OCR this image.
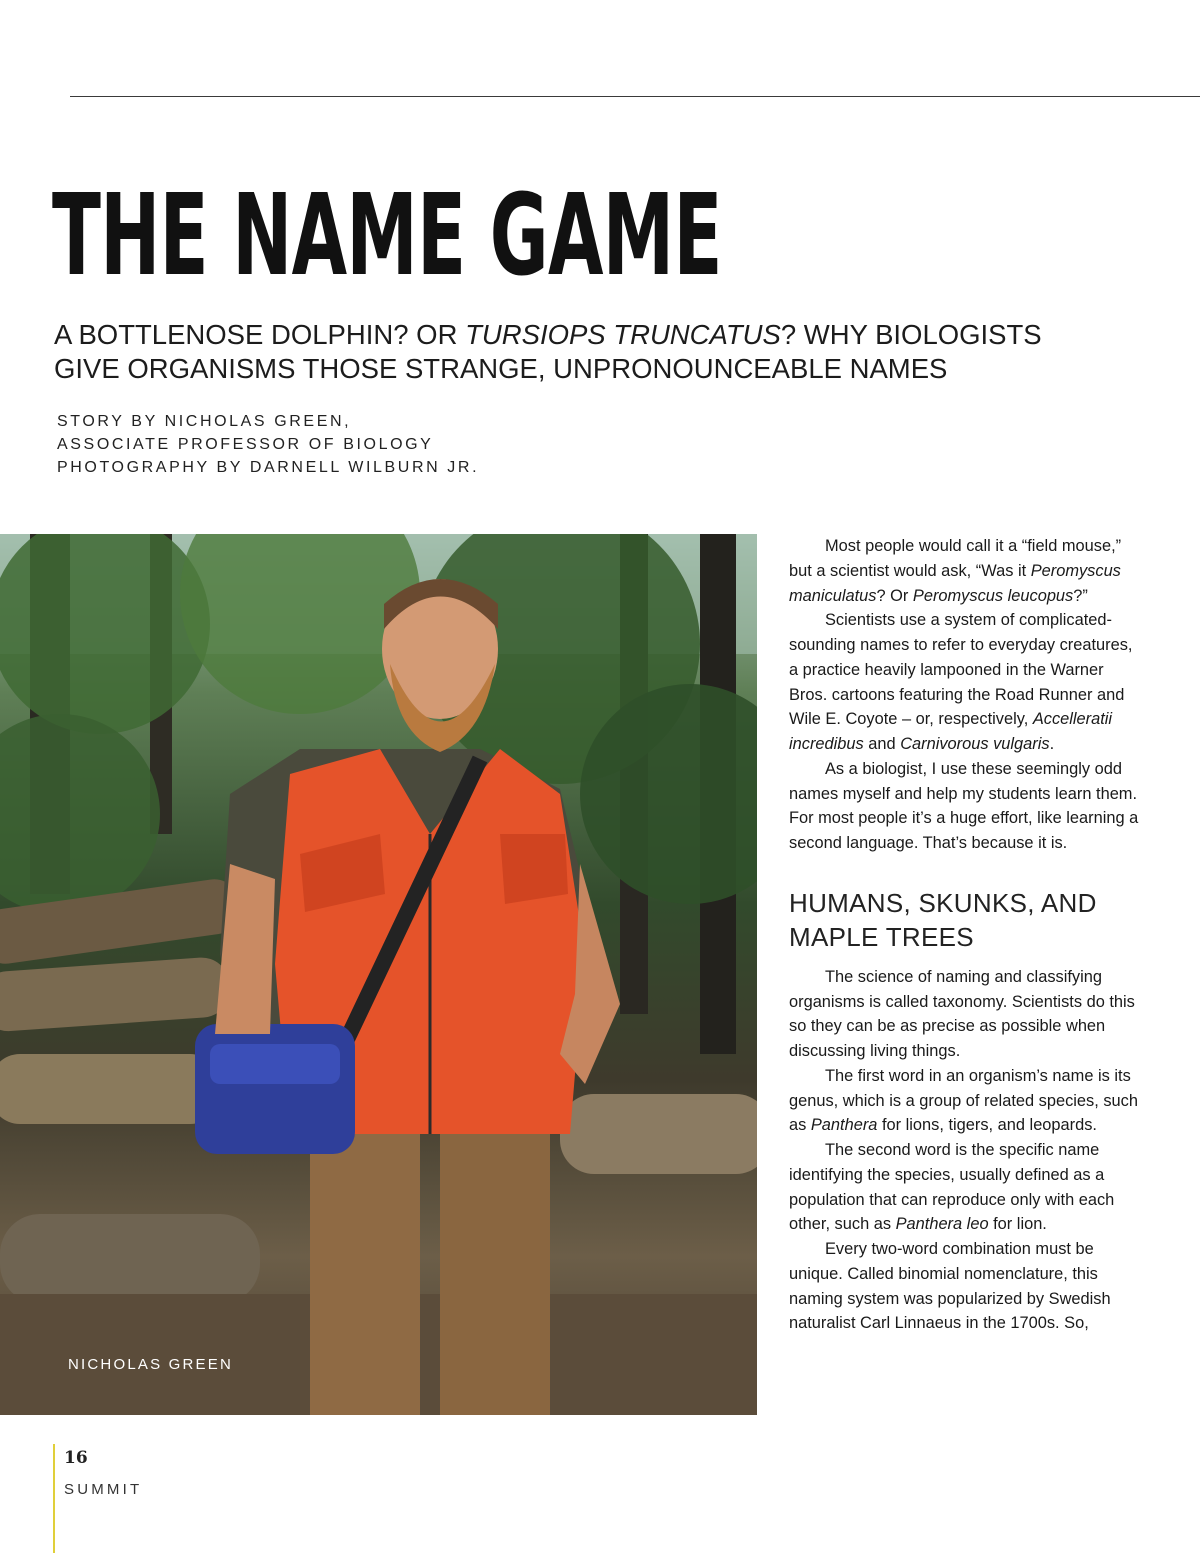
THE NAME GAME
A BOTTLENOSE DOLPHIN? OR TURSIOPS TRUNCATUS? WHY BIOLOGISTS GIVE ORGANISMS THOSE STRANGE, UNPRONOUNCEABLE NAMES
STORY BY NICHOLAS GREEN,
ASSOCIATE PROFESSOR OF BIOLOGY
PHOTOGRAPHY BY DARNELL WILBURN JR.
NICHOLAS GREEN

Most people would call it a “field mouse,” but a scientist would ask, “Was it Peromyscus maniculatus? Or Peromyscus leucopus?”

Scientists use a system of complicated-sounding names to refer to everyday creatures, a practice heavily lampooned in the Warner Bros. cartoons featuring the Road Runner and Wile E. Coyote – or, respectively, Accelleratii incredibus and Carnivorous vulgaris.

As a biologist, I use these seemingly odd names myself and help my students learn them. For most people it’s a huge effort, like learning a second language. That’s because it is.

HUMANS, SKUNKS, AND MAPLE TREES

The science of naming and classifying organisms is called taxonomy. Scientists do this so they can be as precise as possible when discussing living things.

The first word in an organism’s name is its genus, which is a group of related species, such as Panthera for lions, tigers, and leopards.

The second word is the specific name identifying the species, usually defined as a population that can reproduce only with each other, such as Panthera leo for lion.

Every two-word combination must be unique. Called binomial nomenclature, this naming system was popularized by Swedish naturalist Carl Linnaeus in the 1700s. So,

16
SUMMIT
